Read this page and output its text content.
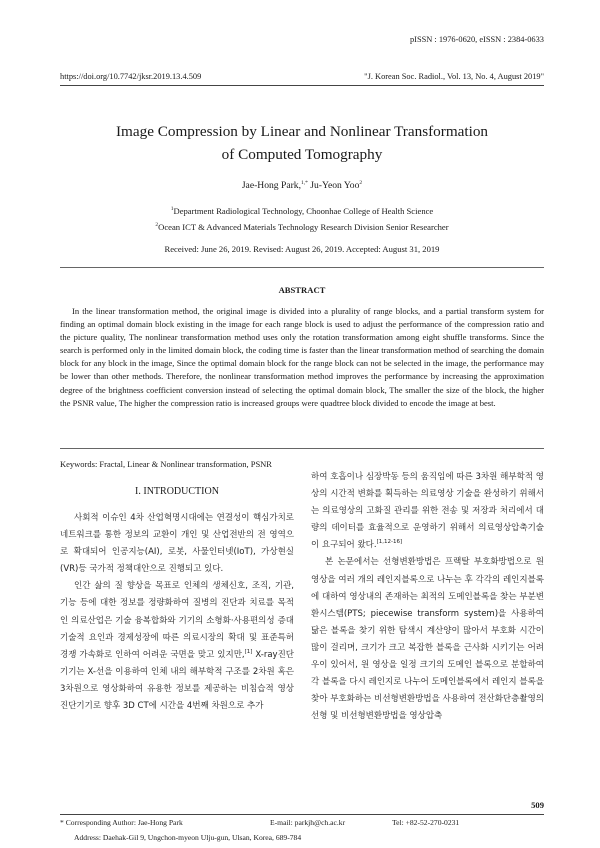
pISSN : 1976-0620, eISSN : 2384-0633
https://doi.org/10.7742/jksr.2019.13.4.509	"J. Korean Soc. Radiol., Vol. 13, No. 4, August 2019"
Image Compression by Linear and Nonlinear Transformation
of Computed Tomography
Jae-Hong Park,$^{1,*}$ Ju-Yeon Yoo$^2$
$^1$Department Radiological Technology, Choonhae College of Health Science
$^2$Ocean ICT & Advanced Materials Technology Research Division Senior Researcher
Received: June 26, 2019. Revised: August 26, 2019. Accepted: August 31, 2019
ABSTRACT
In the linear transformation method, the original image is divided into a plurality of range blocks, and a partial transform system for finding an optimal domain block existing in the image for each range block is used to adjust the performance of the compression ratio and the picture quality, The nonlinear transformation method uses only the rotation transformation among eight shuffle transforms. Since the search is performed only in the limited domain block, the coding time is faster than the linear transformation method of searching the domain block for any block in the image, Since the optimal domain block for the range block can not be selected in the image, the performance may be lower than other methods. Therefore, the nonlinear transformation method improves the performance by increasing the approximation degree of the brightness coefficient conversion instead of selecting the optimal domain block, The smaller the size of the block, the higher the PSNR value, The higher the compression ratio is increased groups were quadtree block divided to encode the image at best.
Keywords: Fractal, Linear & Nonlinear transformation, PSNR
I. INTRODUCTION

사회적 이슈인 4차 산업혁명시대에는 연결성이 핵심가치로 네트워크를 통한 정보의 교환이 개인 및 산업전반의 전 영역으로 확대되어 인공지능(AI), 로봇, 사물인터넷(IoT), 가상현실(VR)등 국가적 정책대안으로 진행되고 있다.

인간 삶의 질 향상을 목표로 인체의 생체신호, 조직, 기관, 기능 등에 대한 정보를 정량화하여 질병의 진단과 치료를 목적인 의료산업은 기술 융복합화와 기기의 소형화·사용편의성 증대 기술적 요인과 경제성장에 따른 의료시장의 확대 및 표준특허 경쟁 가속화로 인하여 어려운 국면을 맞고 있지만,[1] X-ray진단기기는 X-선을 이용하여 인체 내의 해부학적 구조를 2차원 혹은 3차원으로 영상화하여 유용한 정보를 제공하는 비침습적 영상진단기기로 향후 3D CT에 시간을 4번째 차원으로 추가

하여 호흡이나 심장박동 등의 움직임에 따른 3차원 해부학적 영상의 시간적 변화를 획득하는 의료영상 기술을 완성하기 위해서는 의료영상의 고화질 관리를 위한 전송 및 저장과 처리에서 대량의 데이터를 효율적으로 운영하기 위해서 의료영상압축기술이 요구되어 왔다.[1,12-16]

본 논문에서는 선형변환방법은 프랙탈 부호화방법으로 원 영상을 여러 개의 레인지블록으로 나누는 후 각각의 레인지블록에 대하여 영상내의 존재하는 최적의 도메인블록을 찾는 부분변환시스템(PTS; piecewise transform system)을 사용하여 닮은 블록을 찾기 위한 탐색시 계산양이 많아서 부호화 시간이 많이 걸리며, 크기가 크고 복잡한 블록을 근사화 시키기는 어려우이 있어서, 원 영상을 일정 크기의 도메인 블록으로 분할하여 각 블록을 다시 레인지로 나누어 도메인블록에서 레인지 블록을 찾아 부호화하는 비선형변환방법을 사용하여 전산화단층촬영의 선형 및 비선형변환방법을 영상압축

509
* Corresponding Author: Jae-Hong Park	E-mail: parkjh@ch.ac.kr	Tel: +82-52-270-0231
Address: Daehak-Gil 9, Ungchon-myeon Ulju-gun, Ulsan, Korea, 689-784
